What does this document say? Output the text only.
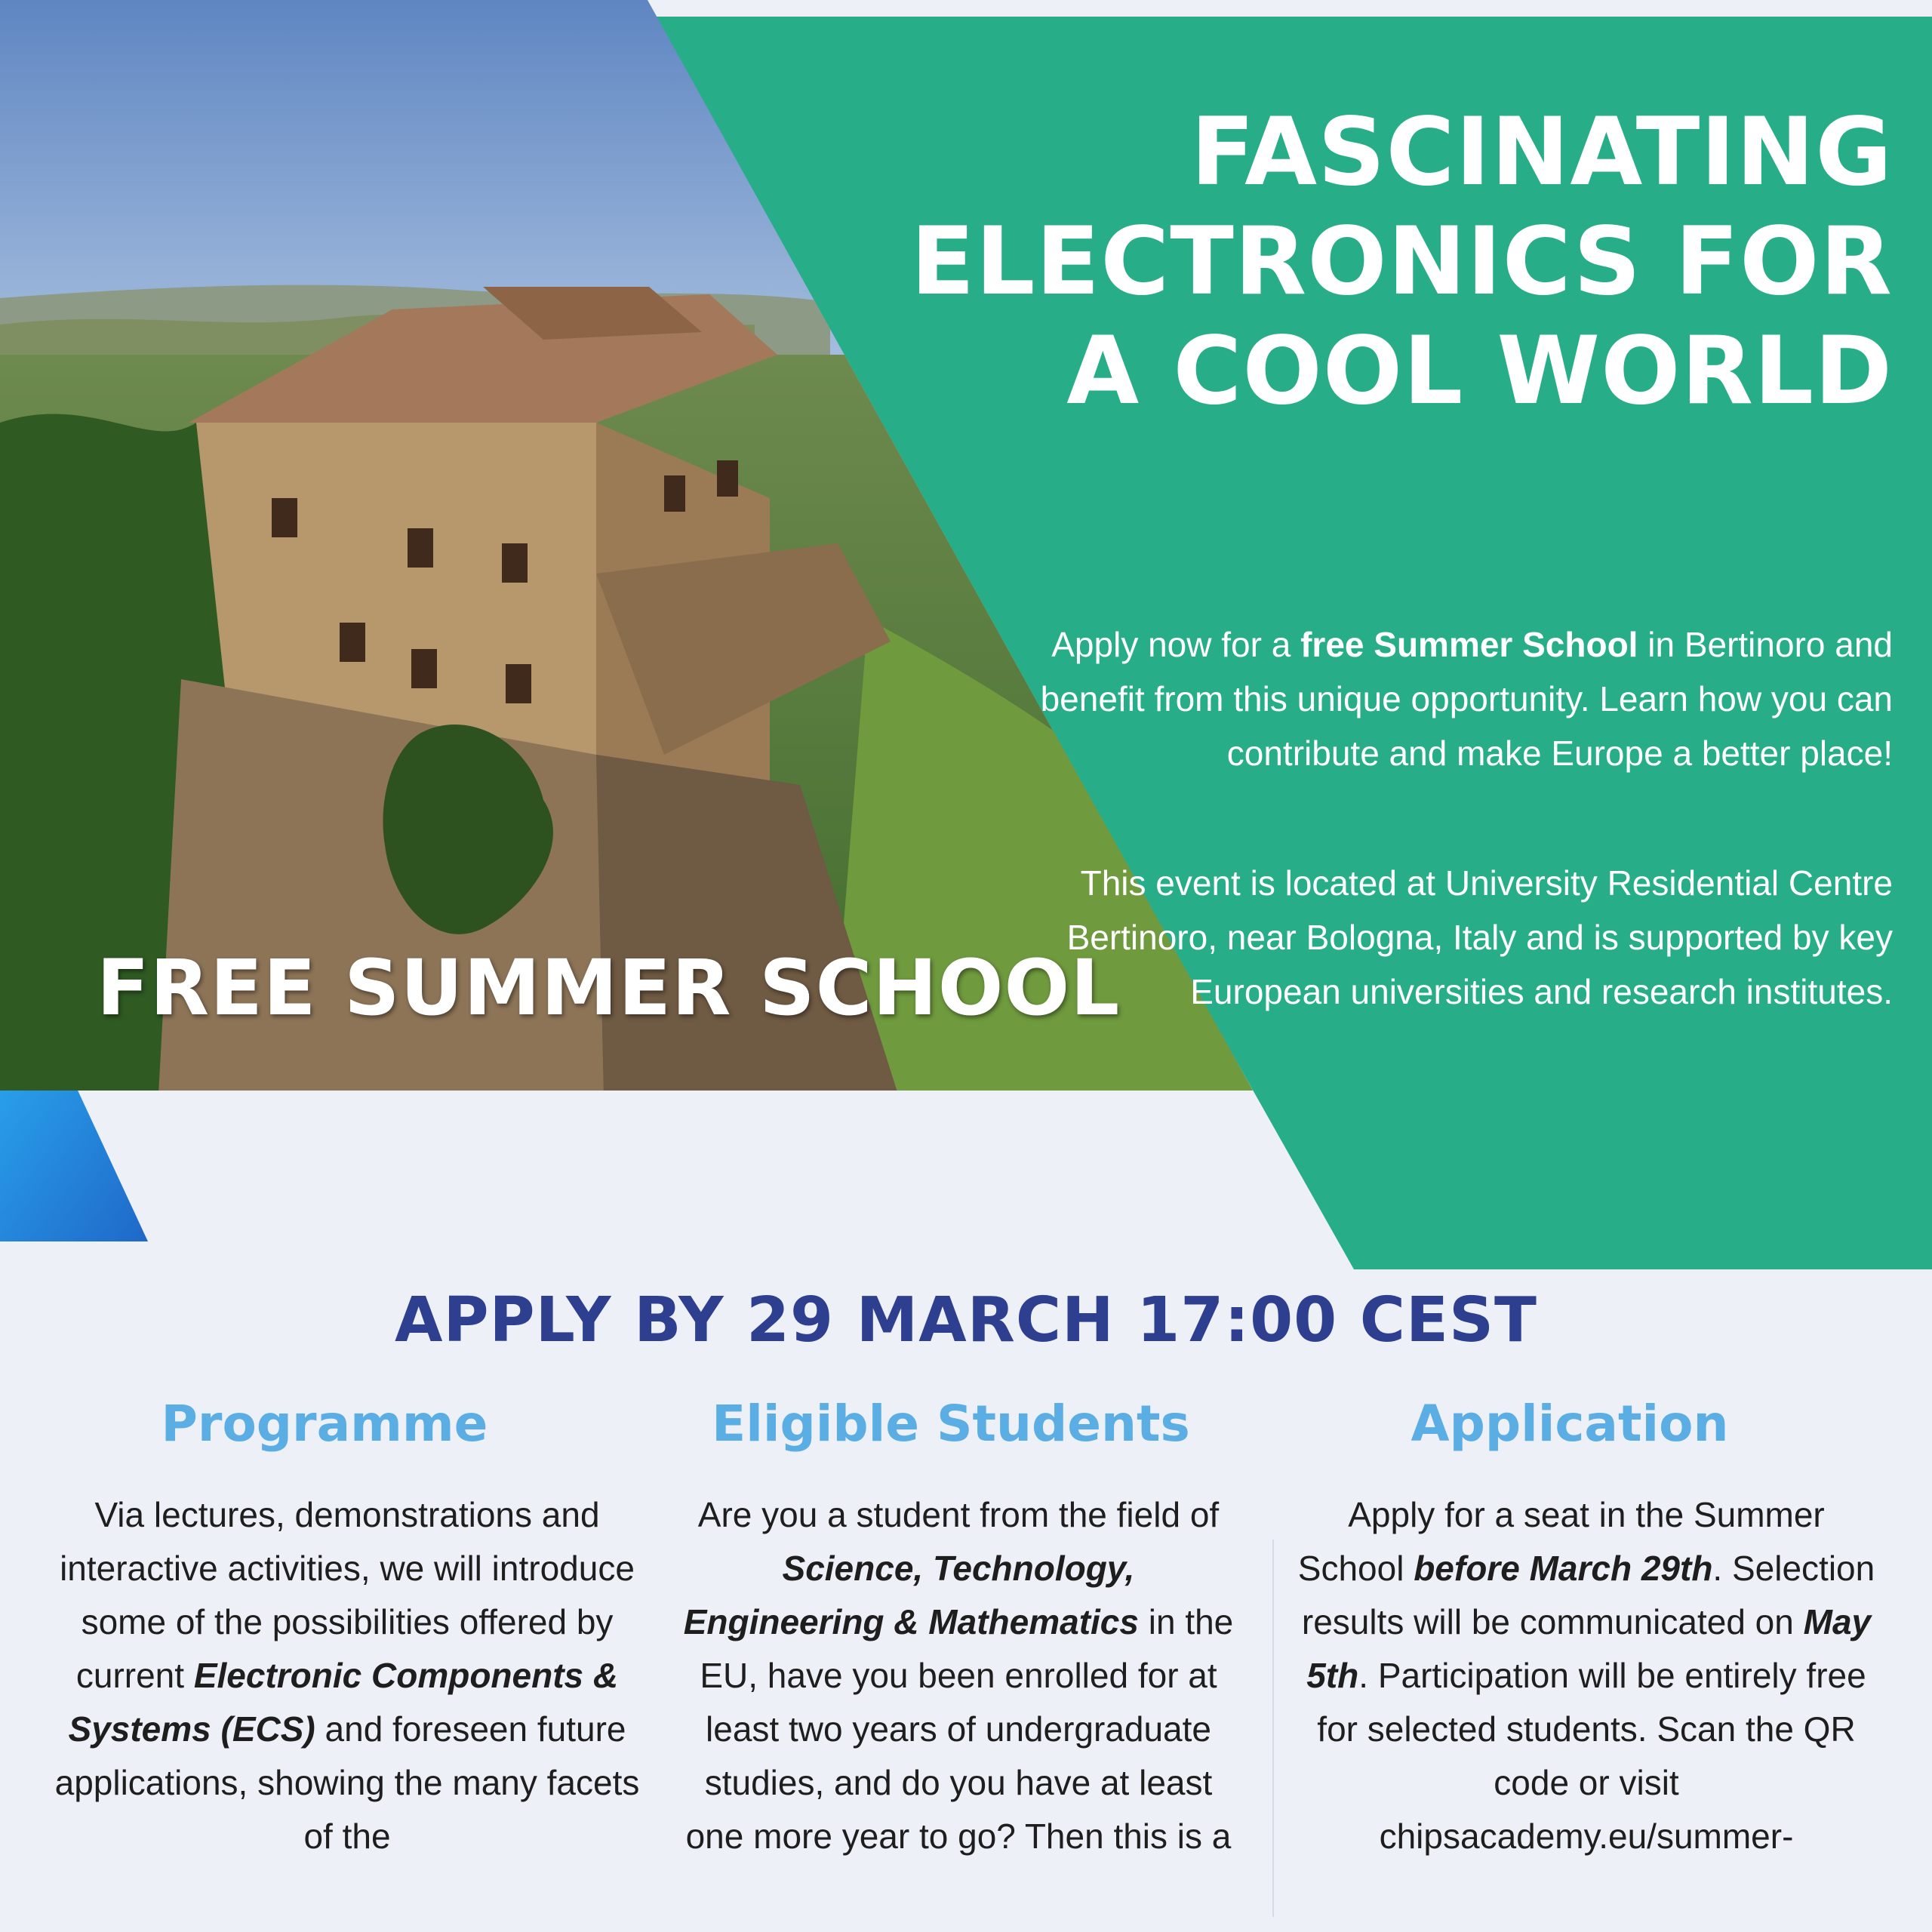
FASCINATING
ELECTRONICS FOR
A COOL WORLD
Apply now for a free Summer School in Bertinoro and benefit from this unique opportunity. Learn how you can contribute and make Europe a better place!
This event is located at University Residential Centre Bertinoro, near Bologna, Italy and is supported by key European universities and research institutes.
FREE SUMMER SCHOOL
APPLY BY 29 MARCH 17:00 CEST
Programme	Eligible Students	Application
Via lectures, demonstrations and interactive activities, we will introduce some of the possibilities offered by current Electronic Components & Systems (ECS) and foreseen future applications, showing the many facets of the
Are you a student from the field of Science, Technology, Engineering & Mathematics in the EU, have you been enrolled for at least two years of undergraduate studies, and do you have at least one more year to go? Then this is a
Apply for a seat in the Summer School before March 29th. Selection results will be communicated on May 5th. Participation will be entirely free for selected students. Scan the QR code or visit chipsacademy.eu/summer-
